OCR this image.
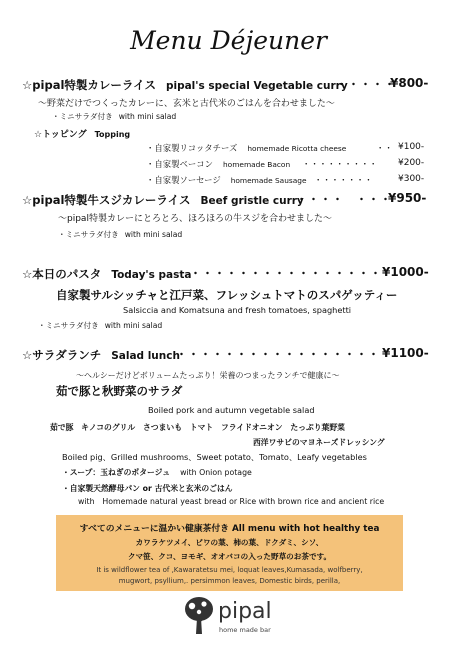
Menu Déjeuner
☆pipal特製カレーライス pipal's special Vegetable curry
・・・・・
¥800-
〜野菜だけでつくったカレーに、玄米と古代米のごはんを合わせました〜
・ミニサラダ付き with mini salad
☆トッピング Topping
・自家製リコッタチーズ homemade Ricotta cheese	・・ ¥100-
・自家製ベーコン homemade Bacon ・・・・・・・・・ ¥200-
・自家製ソーセージ homemade Sausage ・・・・・・・	¥300-
☆pipal特製牛スジカレーライス Beef gristle curry
・・・・　・・・
¥950-
〜pipal特製カレーにとろとろ、ほろほろの牛スジを合わせました〜
・ミニサラダ付き with mini salad
☆本日のパスタ Today's pasta
・・・・・・・・・・・・・・・・ ¥1000-
自家製サルシッチャと江戸菜、フレッシュトマトのスパゲッティー
Salsiccia and Komatsuna and fresh tomatoes, spaghetti
・ミニサラダ付き with mini salad
☆サラダランチ Salad lunch
・・・・・・・・・・・・・・・・・ ¥1100-
〜ヘルシーだけどボリュームたっぷり！栄養のつまったランチで健康に〜
茹で豚と秋野菜のサラダ
Boiled pork and autumn vegetable salad
茹で豚　キノコのグリル　さつまいも　トマト　フライドオニオン　たっぷり葉野菜
西洋ワサビのマヨネーズドレッシング
Boiled pig、Grilled mushrooms、Sweet potato、Tomato、Leafy vegetables
・スープ：玉ねぎのポタージュ with Onion potage
・自家製天然酵母パン or 古代米と玄米のごはん
with　Homemade natural yeast bread or Rice with brown rice and ancient rice
すべてのメニューに温かい健康茶付き All menu with hot healthy tea
カワラケツメイ、ビワの葉、柿の葉、ドクダミ、シソ、
クマ笹、クコ、ヨモギ、オオバコの入った野草のお茶です。
It is wildflower tea of ,Kawaratetsu mei, loquat leaves,Kumasada, wolfberry,
mugwort, psyllium,. persimmon leaves, Domestic birds, perilla,
pipal
home made bar
